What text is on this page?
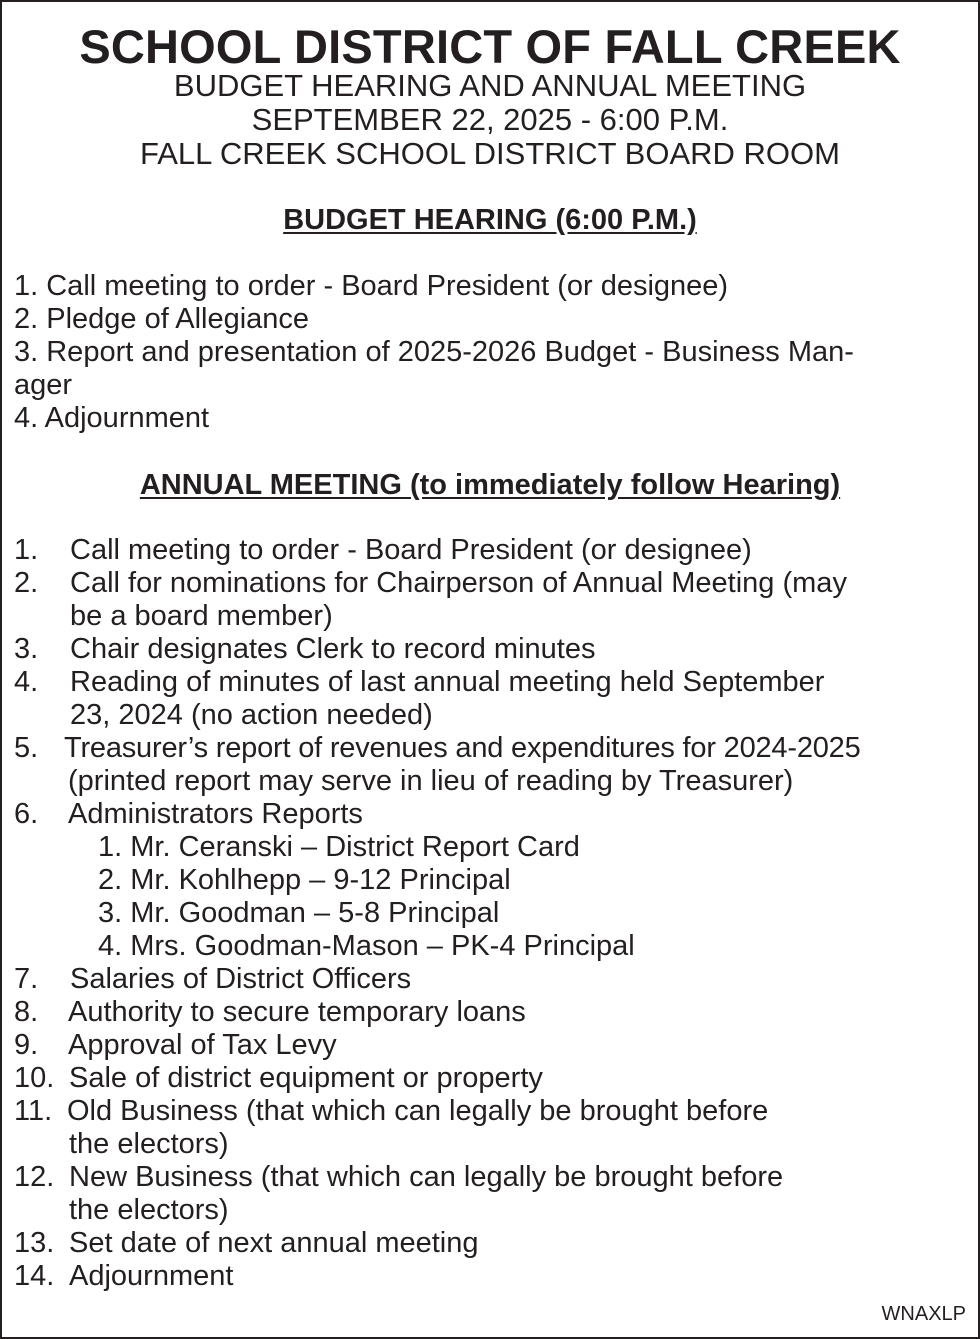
SCHOOL DISTRICT OF FALL CREEK
BUDGET HEARING AND ANNUAL MEETING
SEPTEMBER 22, 2025 - 6:00 P.M.
FALL CREEK SCHOOL DISTRICT BOARD ROOM
BUDGET HEARING (6:00 P.M.)
1. Call meeting to order - Board President (or designee)
2. Pledge of Allegiance
3. Report and presentation of 2025-2026 Budget - Business Man-
ager
4. Adjournment
ANNUAL MEETING (to immediately follow Hearing)
1. Call meeting to order - Board President (or designee)
2. Call for nominations for Chairperson of Annual Meeting (may
be a board member)
3. Chair designates Clerk to record minutes
4. Reading of minutes of last annual meeting held September
23, 2024 (no action needed)
5. Treasurer’s report of revenues and expenditures for 2024-2025
(printed report may serve in lieu of reading by Treasurer)
6. Administrators Reports
1. Mr. Ceranski – District Report Card
2. Mr. Kohlhepp – 9-12 Principal
3. Mr. Goodman – 5-8 Principal
4. Mrs. Goodman-Mason – PK-4 Principal
7. Salaries of District Officers
8. Authority to secure temporary loans
9. Approval of Tax Levy
10. Sale of district equipment or property
11. Old Business (that which can legally be brought before
the electors)
12. New Business (that which can legally be brought before
the electors)
13. Set date of next annual meeting
14. Adjournment
WNAXLP
